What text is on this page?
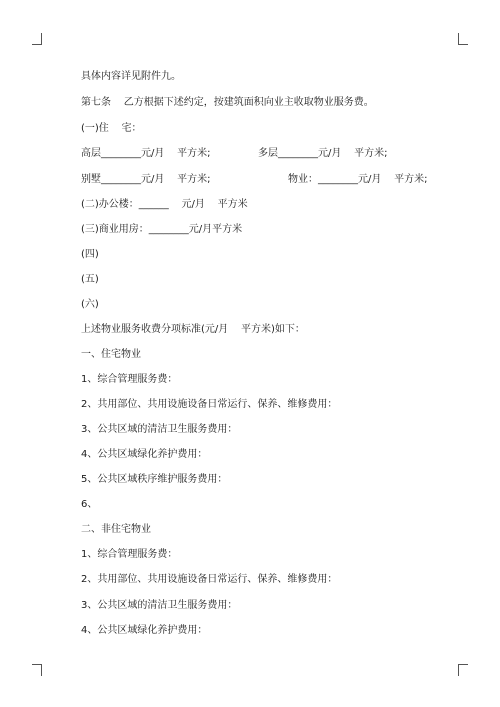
具体内容详见附件九。
第七条    乙方根据下述约定，按建筑面积向业主收取物业服务费。
(一)住    宅：
高层________元/月    平方米;	多层________元/月    平方米;
别墅________元/月    平方米;	物业：________元/月    平方米;
(二)办公楼：______    元/月    平方米
(三)商业用房：________元/月平方米
(四)
(五)
(六)
上述物业服务收费分项标准(元/月    平方米)如下：
一、住宅物业
1、综合管理服务费：
2、共用部位、共用设施设备日常运行、保养、维修费用：
3、公共区域的清洁卫生服务费用：
4、公共区域绿化养护费用：
5、公共区域秩序维护服务费用：
6、
二、非住宅物业
1、综合管理服务费：
2、共用部位、共用设施设备日常运行、保养、维修费用：
3、公共区域的清洁卫生服务费用：
4、公共区域绿化养护费用：
